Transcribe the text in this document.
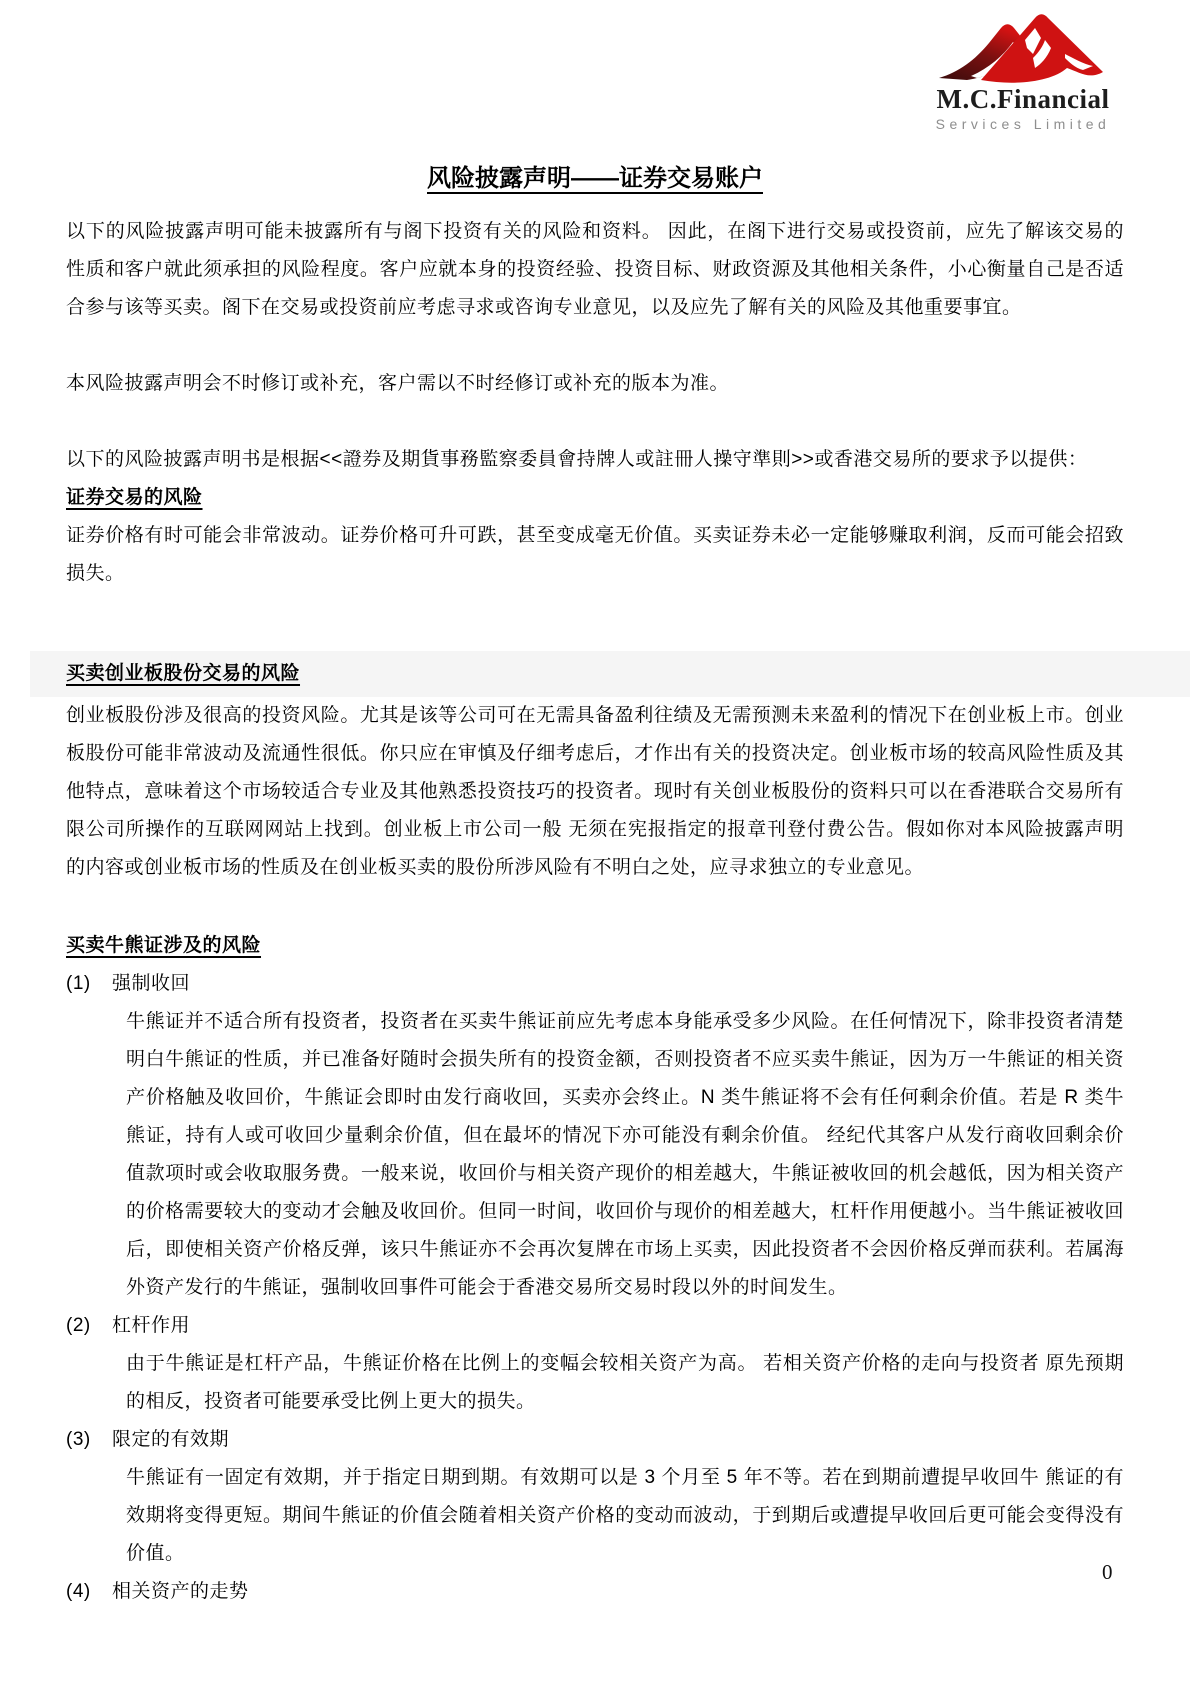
M.C.Financial
Services Limited
风险披露声明——证券交易账户

以下的风险披露声明可能未披露所有与阁下投资有关的风险和资料。 因此，在阁下进行交易或投资前，应先了解该交易的性质和客户就此须承担的风险程度。客户应就本身的投资经验、投资目标、财政资源及其他相关条件，小心衡量自己是否适合参与该等买卖。阁下在交易或投资前应考虑寻求或咨询专业意见，以及应先了解有关的风险及其他重要事宜。

本风险披露声明会不时修订或补充，客户需以不时经修订或补充的版本为准。

以下的风险披露声明书是根据<<證券及期貨事務監察委員會持牌人或註冊人操守準則>>或香港交易所的要求予以提供：

证券交易的风险

证券价格有时可能会非常波动。证券价格可升可跌，甚至变成毫无价值。买卖证券未必一定能够赚取利润，反而可能会招致损失。

买卖创业板股份交易的风险

创业板股份涉及很高的投资风险。尤其是该等公司可在无需具备盈利往绩及无需预测未来盈利的情况下在创业板上市。创业板股份可能非常波动及流通性很低。你只应在审慎及仔细考虑后，才作出有关的投资决定。创业板市场的较高风险性质及其他特点，意味着这个市场较适合专业及其他熟悉投资技巧的投资者。现时有关创业板股份的资料只可以在香港联合交易所有限公司所操作的互联网网站上找到。创业板上市公司一般 无须在宪报指定的报章刊登付费公告。假如你对本风险披露声明的内容或创业板市场的性质及在创业板买卖的股份所涉风险有不明白之处，应寻求独立的专业意见。

买卖牛熊证涉及的风险
(1)	强制收回

牛熊证并不适合所有投资者，投资者在买卖牛熊证前应先考虑本身能承受多少风险。在任何情况下，除非投资者清楚明白牛熊证的性质，并已准备好随时会损失所有的投资金额，否则投资者不应买卖牛熊证，因为万一牛熊证的相关资产价格触及收回价，牛熊证会即时由发行商收回，买卖亦会终止。N 类牛熊证将不会有任何剩余价值。若是 R 类牛熊证，持有人或可收回少量剩余价值，但在最坏的情况下亦可能没有剩余价值。 经纪代其客户从发行商收回剩余价值款项时或会收取服务费。一般来说，收回价与相关资产现价的相差越大，牛熊证被收回的机会越低，因为相关资产的价格需要较大的变动才会触及收回价。但同一时间，收回价与现价的相差越大，杠杆作用便越小。当牛熊证被收回后，即使相关资产价格反弹，该只牛熊证亦不会再次复牌在市场上买卖，因此投资者不会因价格反弹而获利。若属海外资产发行的牛熊证，强制收回事件可能会于香港交易所交易时段以外的时间发生。

(2)	杠杆作用

由于牛熊证是杠杆产品，牛熊证价格在比例上的变幅会较相关资产为高。 若相关资产价格的走向与投资者 原先预期的相反，投资者可能要承受比例上更大的损失。

(3)	限定的有效期

牛熊证有一固定有效期，并于指定日期到期。有效期可以是 3 个月至 5 年不等。若在到期前遭提早收回牛 熊证的有效期将变得更短。期间牛熊证的价值会随着相关资产价格的变动而波动，于到期后或遭提早收回后更可能会变得没有价值。

(4)	相关资产的走势
0
